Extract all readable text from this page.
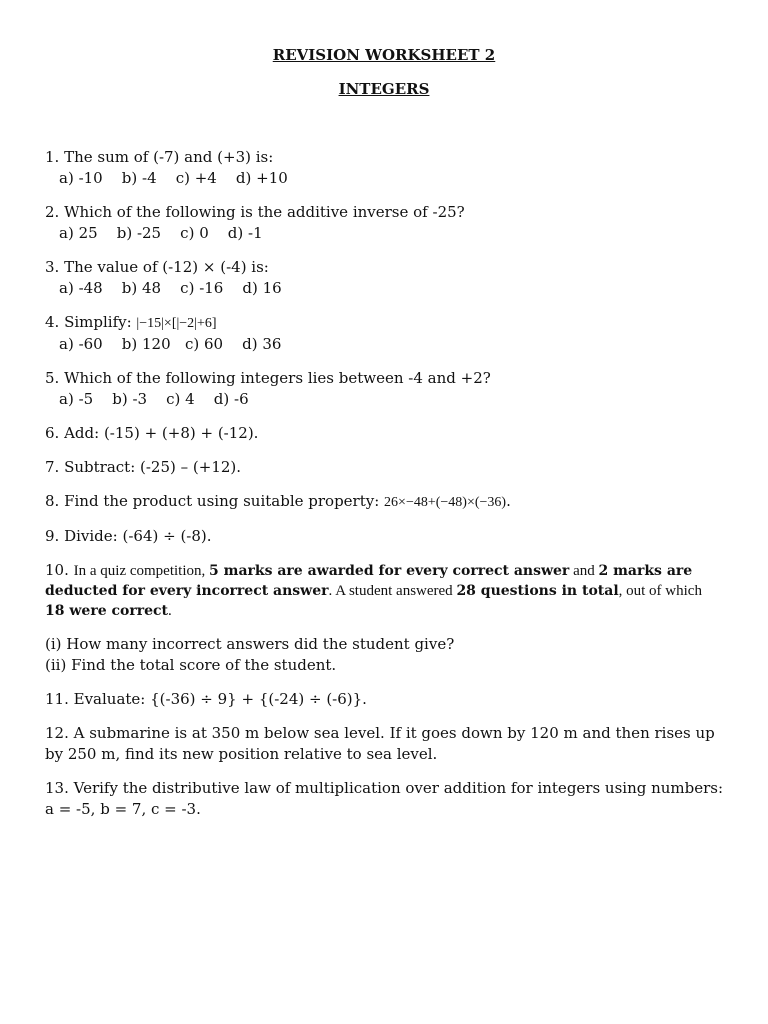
REVISION WORKSHEET 2
INTEGERS

1. The sum of (-7) and (+3) is:

a) -10    b) -4    c) +4    d) +10

2. Which of the following is the additive inverse of -25?

a) 25    b) -25    c) 0    d) -1

3. The value of (-12) × (-4) is:

a) -48    b) 48    c) -16    d) 16

4. Simplify: |−15|×[|−2|+6]

a) -60    b) 120   c) 60    d) 36

5. Which of the following integers lies between -4 and +2?

a) -5    b) -3    c) 4    d) -6

6. Add: (-15) + (+8) + (-12).

7. Subtract: (-25) – (+12).

8. Find the product using suitable property: 26×−48+(−48)×(−36).

9. Divide: (-64) ÷ (-8).

10. In a quiz competition, 5 marks are awarded for every correct answer and 2 marks are deducted for every incorrect answer. A student answered 28 questions in total, out of which 18 were correct.

(i) How many incorrect answers did the student give?

(ii) Find the total score of the student.

11. Evaluate: {(-36) ÷ 9} + {(-24) ÷ (-6)}.

12. A submarine is at 350 m below sea level. If it goes down by 120 m and then rises up by 250 m, find its new position relative to sea level.

13. Verify the distributive law of multiplication over addition for integers using numbers: a = -5, b = 7, c = -3.
